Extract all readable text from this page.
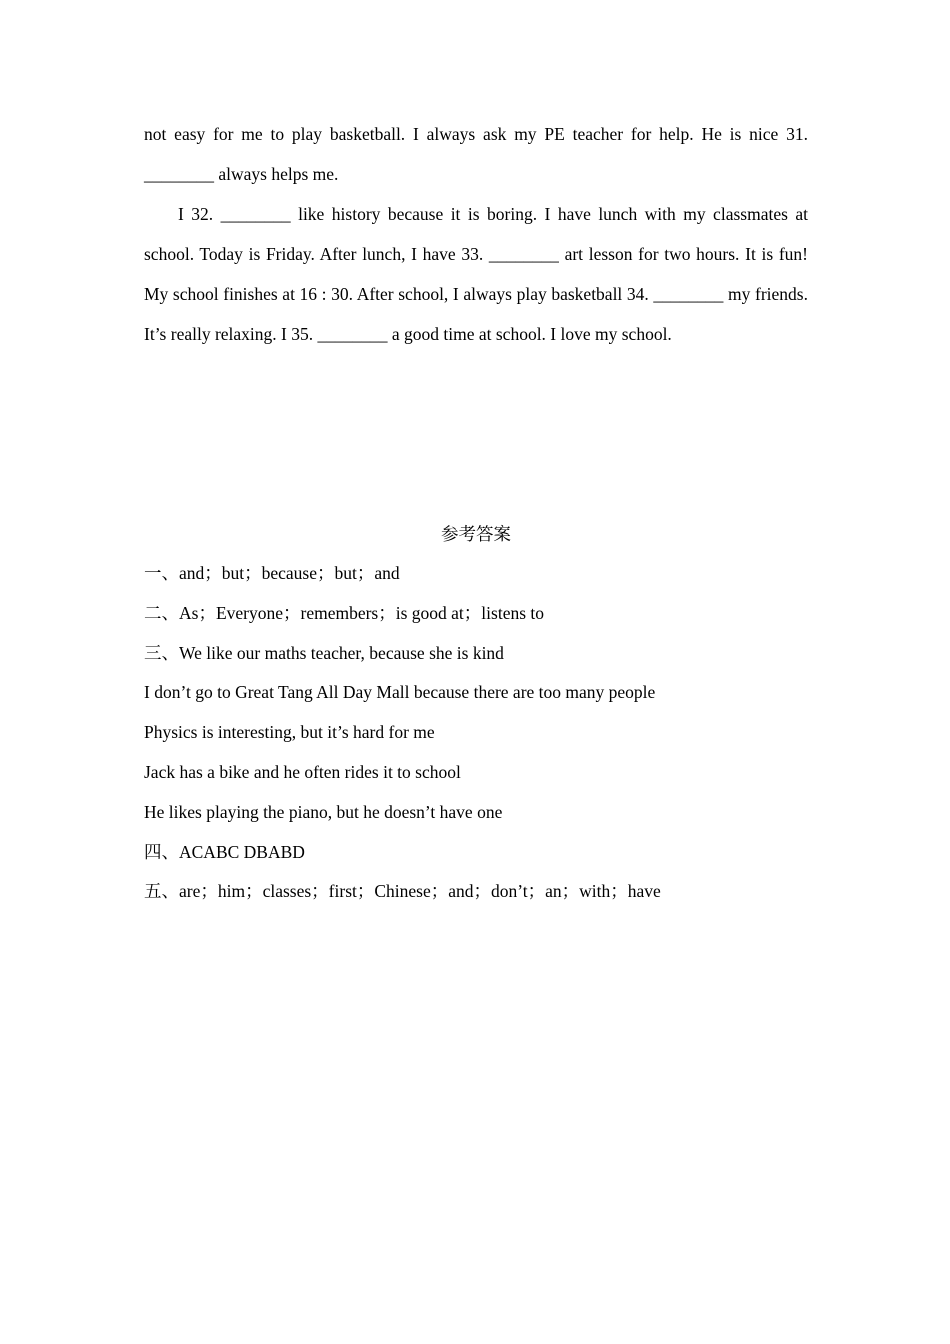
not easy for me to play basketball. I always ask my PE teacher for help. He is nice 31. ________ always helps me.

I 32. ________ like history because it is boring. I have lunch with my classmates at school. Today is Friday. After lunch, I have 33. ________ art lesson for two hours. It is fun! My school finishes at 16 : 30. After school, I always play basketball 34. ________ my friends. It’s really relaxing. I 35. ________ a good time at school. I love my school.

参考答案

一、and；but；because；but；and

二、As；Everyone；remembers；is good at；listens to

三、We like our maths teacher, because she is kind

I don’t go to Great Tang All Day Mall because there are too many people

Physics is interesting, but it’s hard for me

Jack has a bike and he often rides it to school

He likes playing the piano, but he doesn’t have one

四、ACABC DBABD

五、are；him；classes；first；Chinese；and；don’t；an；with；have
